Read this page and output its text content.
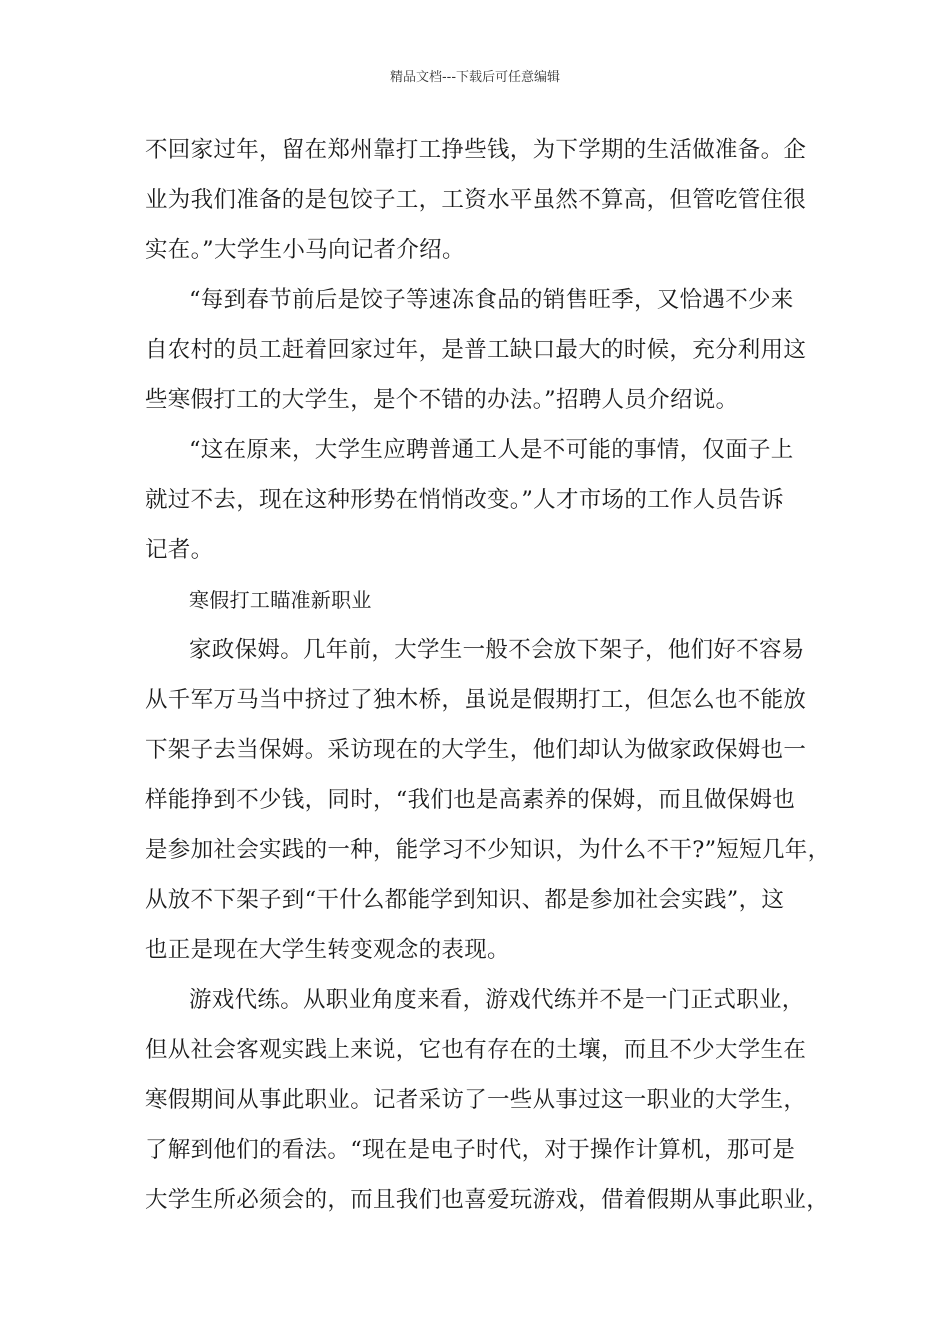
精品文档---下载后可任意编辑
不回家过年，留在郑州靠打工挣些钱，为下学期的生活做准备。企
业为我们准备的是包饺子工，工资水平虽然不算高，但管吃管住很
实在。”大学生小马向记者介绍。
“每到春节前后是饺子等速冻食品的销售旺季，又恰遇不少来
自农村的员工赶着回家过年，是普工缺口最大的时候，充分利用这
些寒假打工的大学生，是个不错的办法。”招聘人员介绍说。
“这在原来，大学生应聘普通工人是不可能的事情，仅面子上
就过不去，现在这种形势在悄悄改变。”人才市场的工作人员告诉
记者。
寒假打工瞄准新职业
家政保姆。几年前，大学生一般不会放下架子，他们好不容易
从千军万马当中挤过了独木桥，虽说是假期打工，但怎么也不能放
下架子去当保姆。采访现在的大学生，他们却认为做家政保姆也一
样能挣到不少钱，同时，“我们也是高素养的保姆，而且做保姆也
是参加社会实践的一种，能学习不少知识，为什么不干?”短短几年，
从放不下架子到“干什么都能学到知识、都是参加社会实践”，这
也正是现在大学生转变观念的表现。
游戏代练。从职业角度来看，游戏代练并不是一门正式职业，
但从社会客观实践上来说，它也有存在的土壤，而且不少大学生在
寒假期间从事此职业。记者采访了一些从事过这一职业的大学生，
了解到他们的看法。“现在是电子时代，对于操作计算机，那可是
大学生所必须会的，而且我们也喜爱玩游戏，借着假期从事此职业，
